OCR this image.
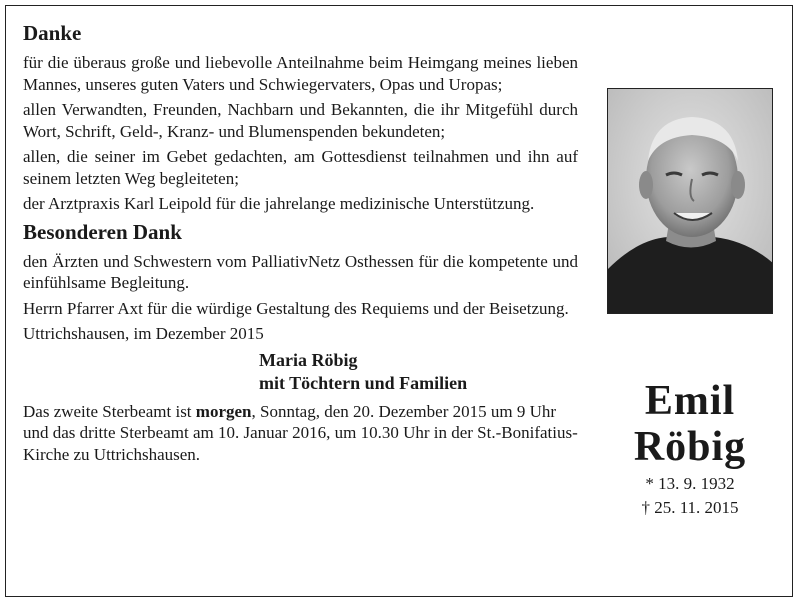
Danke

für die überaus große und liebevolle Anteilnahme beim Heimgang meines lieben Mannes, unseres guten Vaters und Schwiegervaters, Opas und Uropas;

allen Verwandten, Freunden, Nachbarn und Bekannten, die ihr Mitgefühl durch Wort, Schrift, Geld-, Kranz- und Blumenspenden bekundeten;

allen, die seiner im Gebet gedachten, am Gottesdienst teilnahmen und ihn auf seinem letzten Weg begleiteten;

der Arztpraxis Karl Leipold für die jahrelange medizinische Unterstützung.

Besonderen Dank

den Ärzten und Schwestern vom PalliativNetz Osthessen für die kompetente und einfühlsame Begleitung.

Herrn Pfarrer Axt für die würdige Gestaltung des Requiems und der Beisetzung.

Uttrichshausen, im Dezember 2015

Maria Röbig
mit Töchtern und Familien
Das zweite Sterbeamt ist morgen, Sonntag, den 20. Dezember 2015 um 9 Uhr und das dritte Sterbeamt am 10. Januar 2016, um 10.30 Uhr in der St.-Bonifatius-Kirche zu Uttrichshausen.
Emil
Röbig
* 13. 9. 1932
† 25. 11. 2015
